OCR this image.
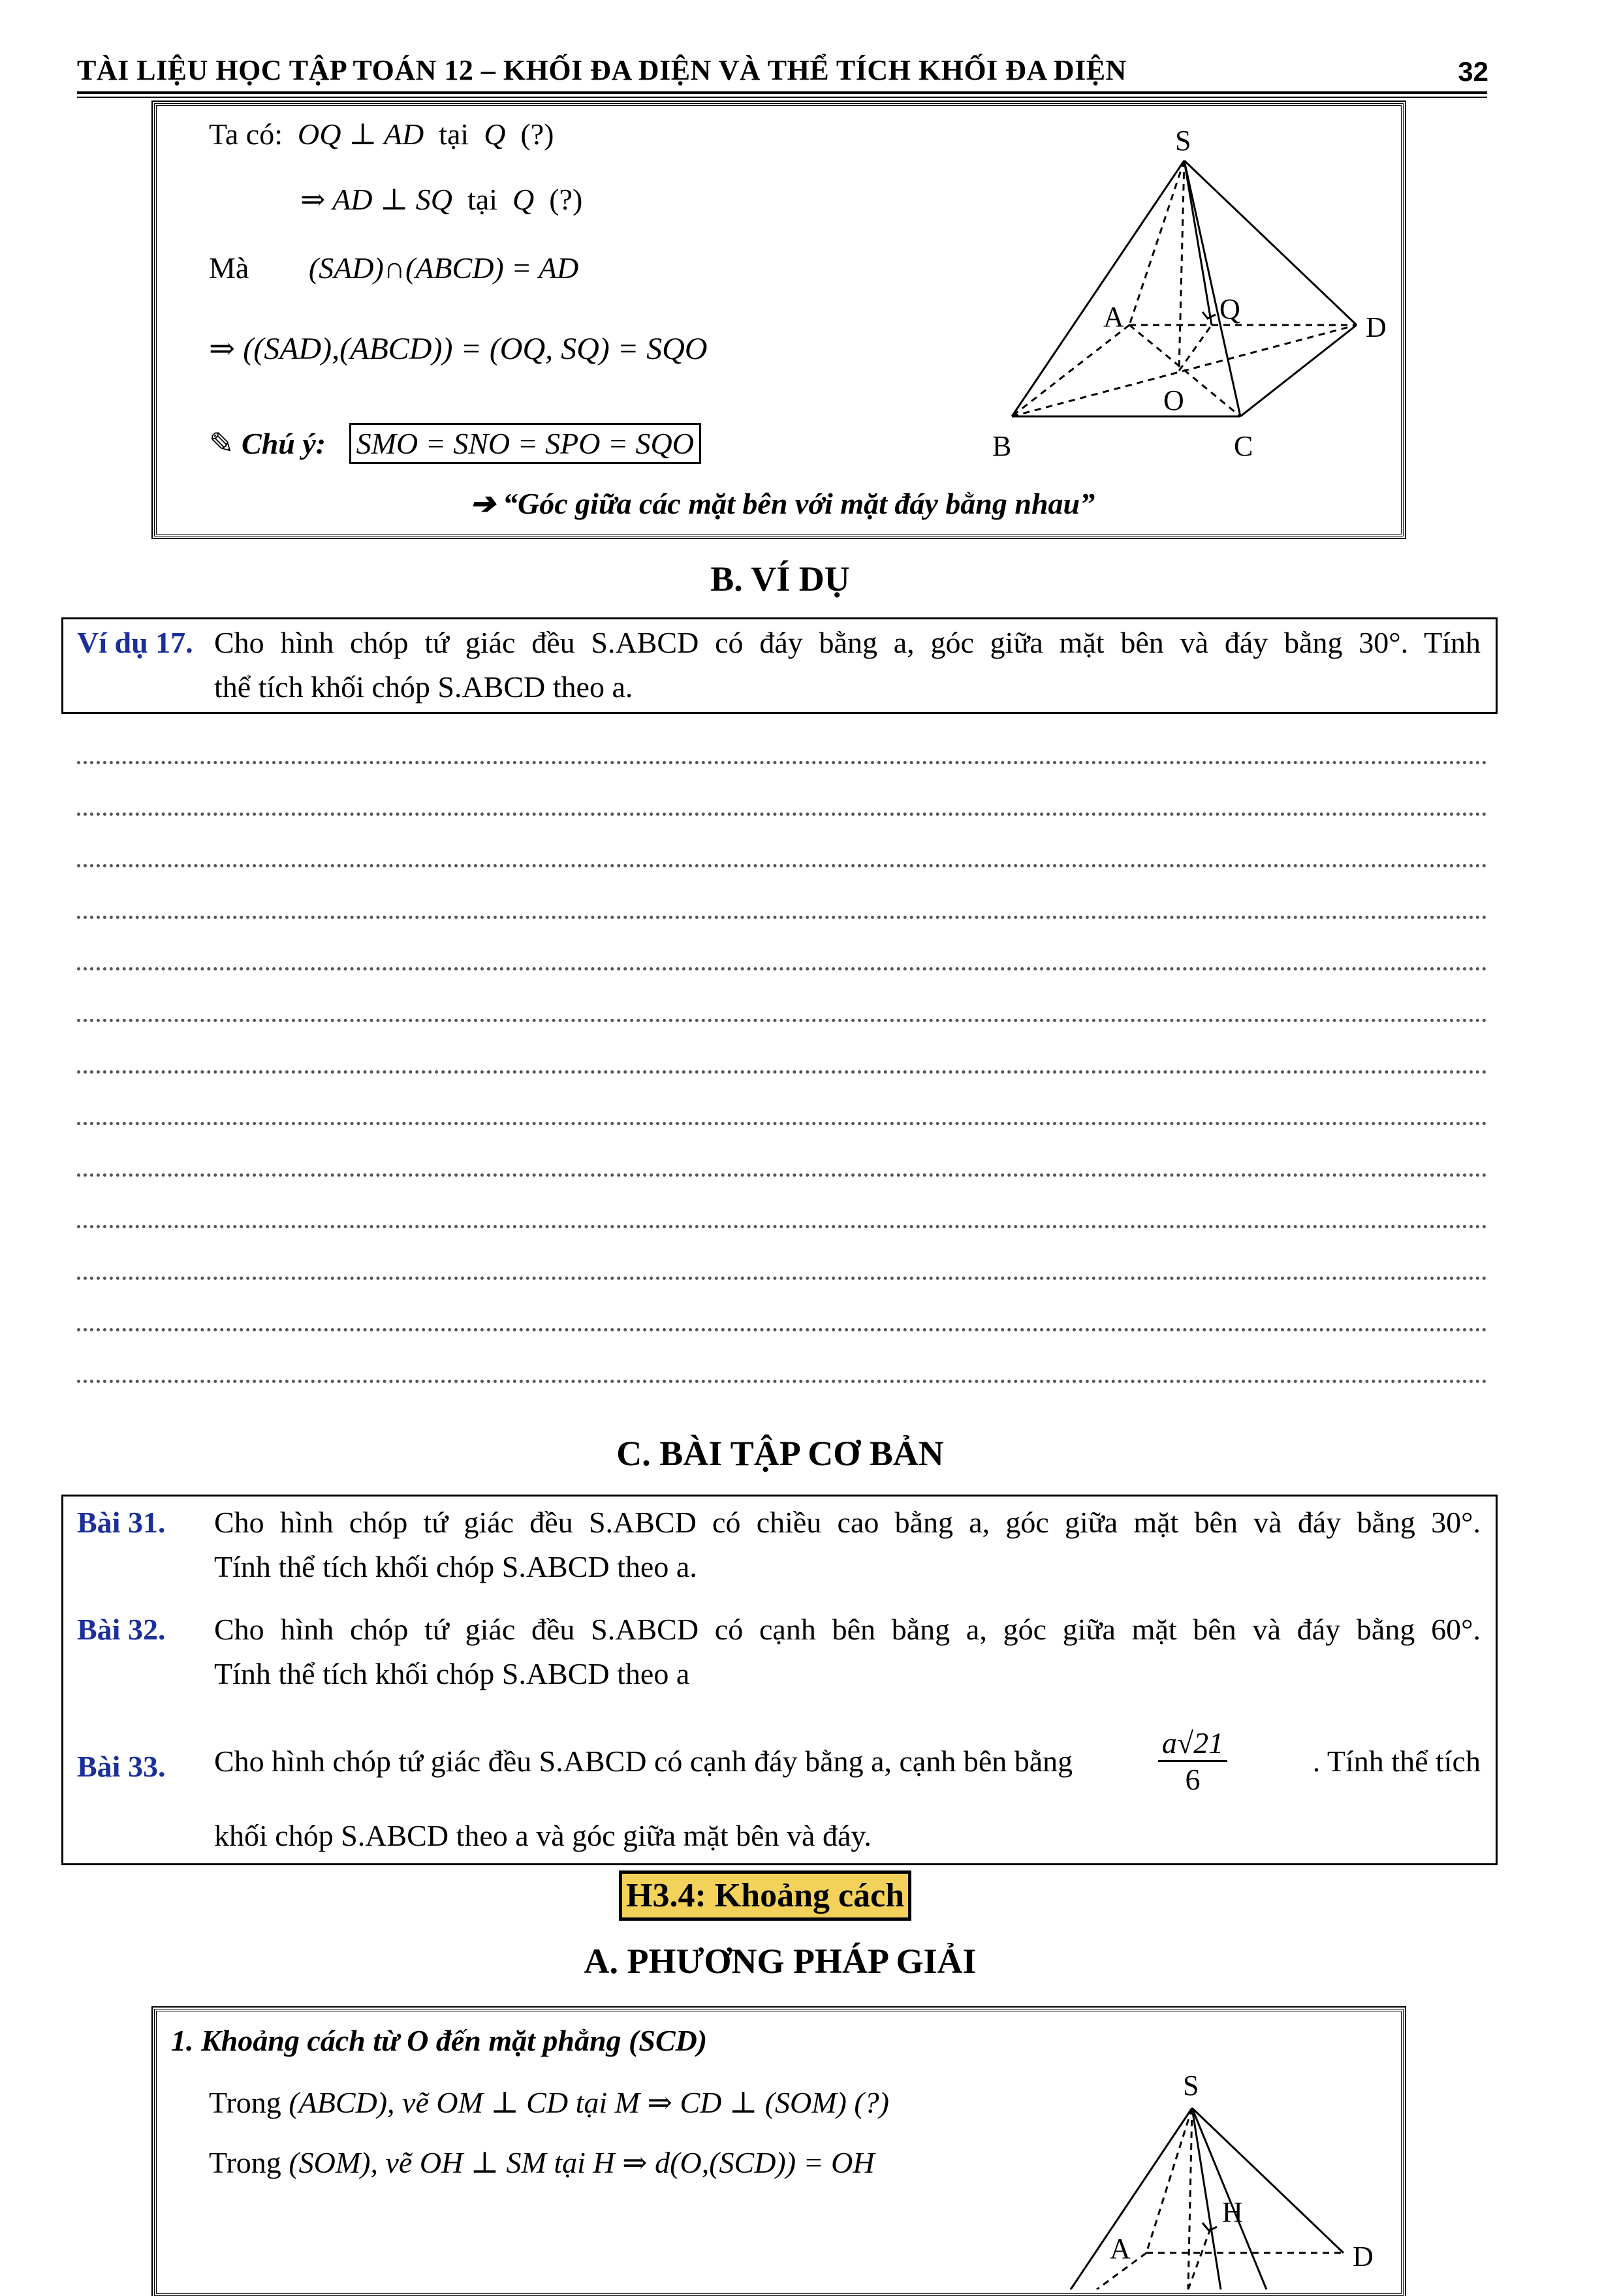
TÀI LIỆU HỌC TẬP TOÁN 12 – KHỐI ĐA DIỆN VÀ THỂ TÍCH KHỐI ĐA DIỆN	32
Ta có: OQ ⊥ AD tại Q (?)
⇒ AD ⊥ SQ tại Q (?)
Mà (SAD)∩(ABCD) = AD
⇒ ((SAD),(ABCD)) = (OQ, SQ) = SQO
✎ Chú ý: SMO = SNO = SPO = SQO
➔ “Góc giữa các mặt bên với mặt đáy bằng nhau”
S
A	Q
D
O
B	C
B. VÍ DỤ
Ví dụ 17. Cho hình chóp tứ giác đều S.ABCD có đáy bằng a, góc giữa mặt bên và đáy bằng 30°. Tính
thể tích khối chóp S.ABCD theo a.
C. BÀI TẬP CƠ BẢN
Bài 31. Cho hình chóp tứ giác đều S.ABCD có chiều cao bằng a, góc giữa mặt bên và đáy bằng 30°.
Tính thể tích khối chóp S.ABCD theo a.
Bài 32. Cho hình chóp tứ giác đều S.ABCD có cạnh bên bằng a, góc giữa mặt bên và đáy bằng 60°.
Tính thể tích khối chóp S.ABCD theo a
Bài 33. Cho hình chóp tứ giác đều S.ABCD có cạnh đáy bằng a, cạnh bên bằng	$\frac{a√21}{6}$	. Tính thể tích
khối chóp S.ABCD theo a và góc giữa mặt bên và đáy.
H3.4: Khoảng cách
A. PHƯƠNG PHÁP GIẢI
1. Khoảng cách từ O đến mặt phẳng (SCD)
Trong (ABCD), vẽ OM ⊥ CD tại M ⇒ CD ⊥ (SOM) (?)
Trong (SOM), vẽ OH ⊥ SM tại H ⇒ d(O,(SCD)) = OH
S
H
A	D
